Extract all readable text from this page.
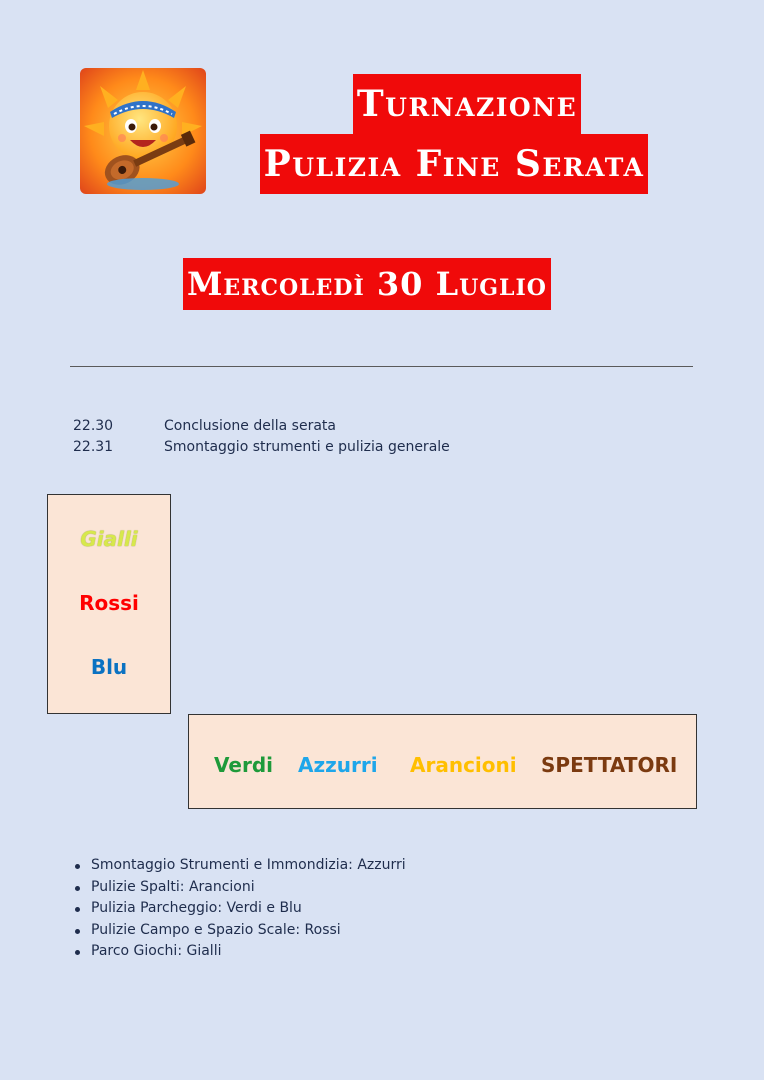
Turnazione
Pulizia Fine Serata
Mercoledì 30 Luglio
22.30	Conclusione della serata
22.31	Smontaggio strumenti e pulizia generale
Gialli
Rossi
Blu
Verdi Azzurri Arancioni SPETTATORI
Smontaggio Strumenti e Immondizia: Azzurri
Pulizie Spalti: Arancioni
Pulizia Parcheggio: Verdi e Blu
Pulizie Campo e Spazio Scale: Rossi
Parco Giochi: Gialli
